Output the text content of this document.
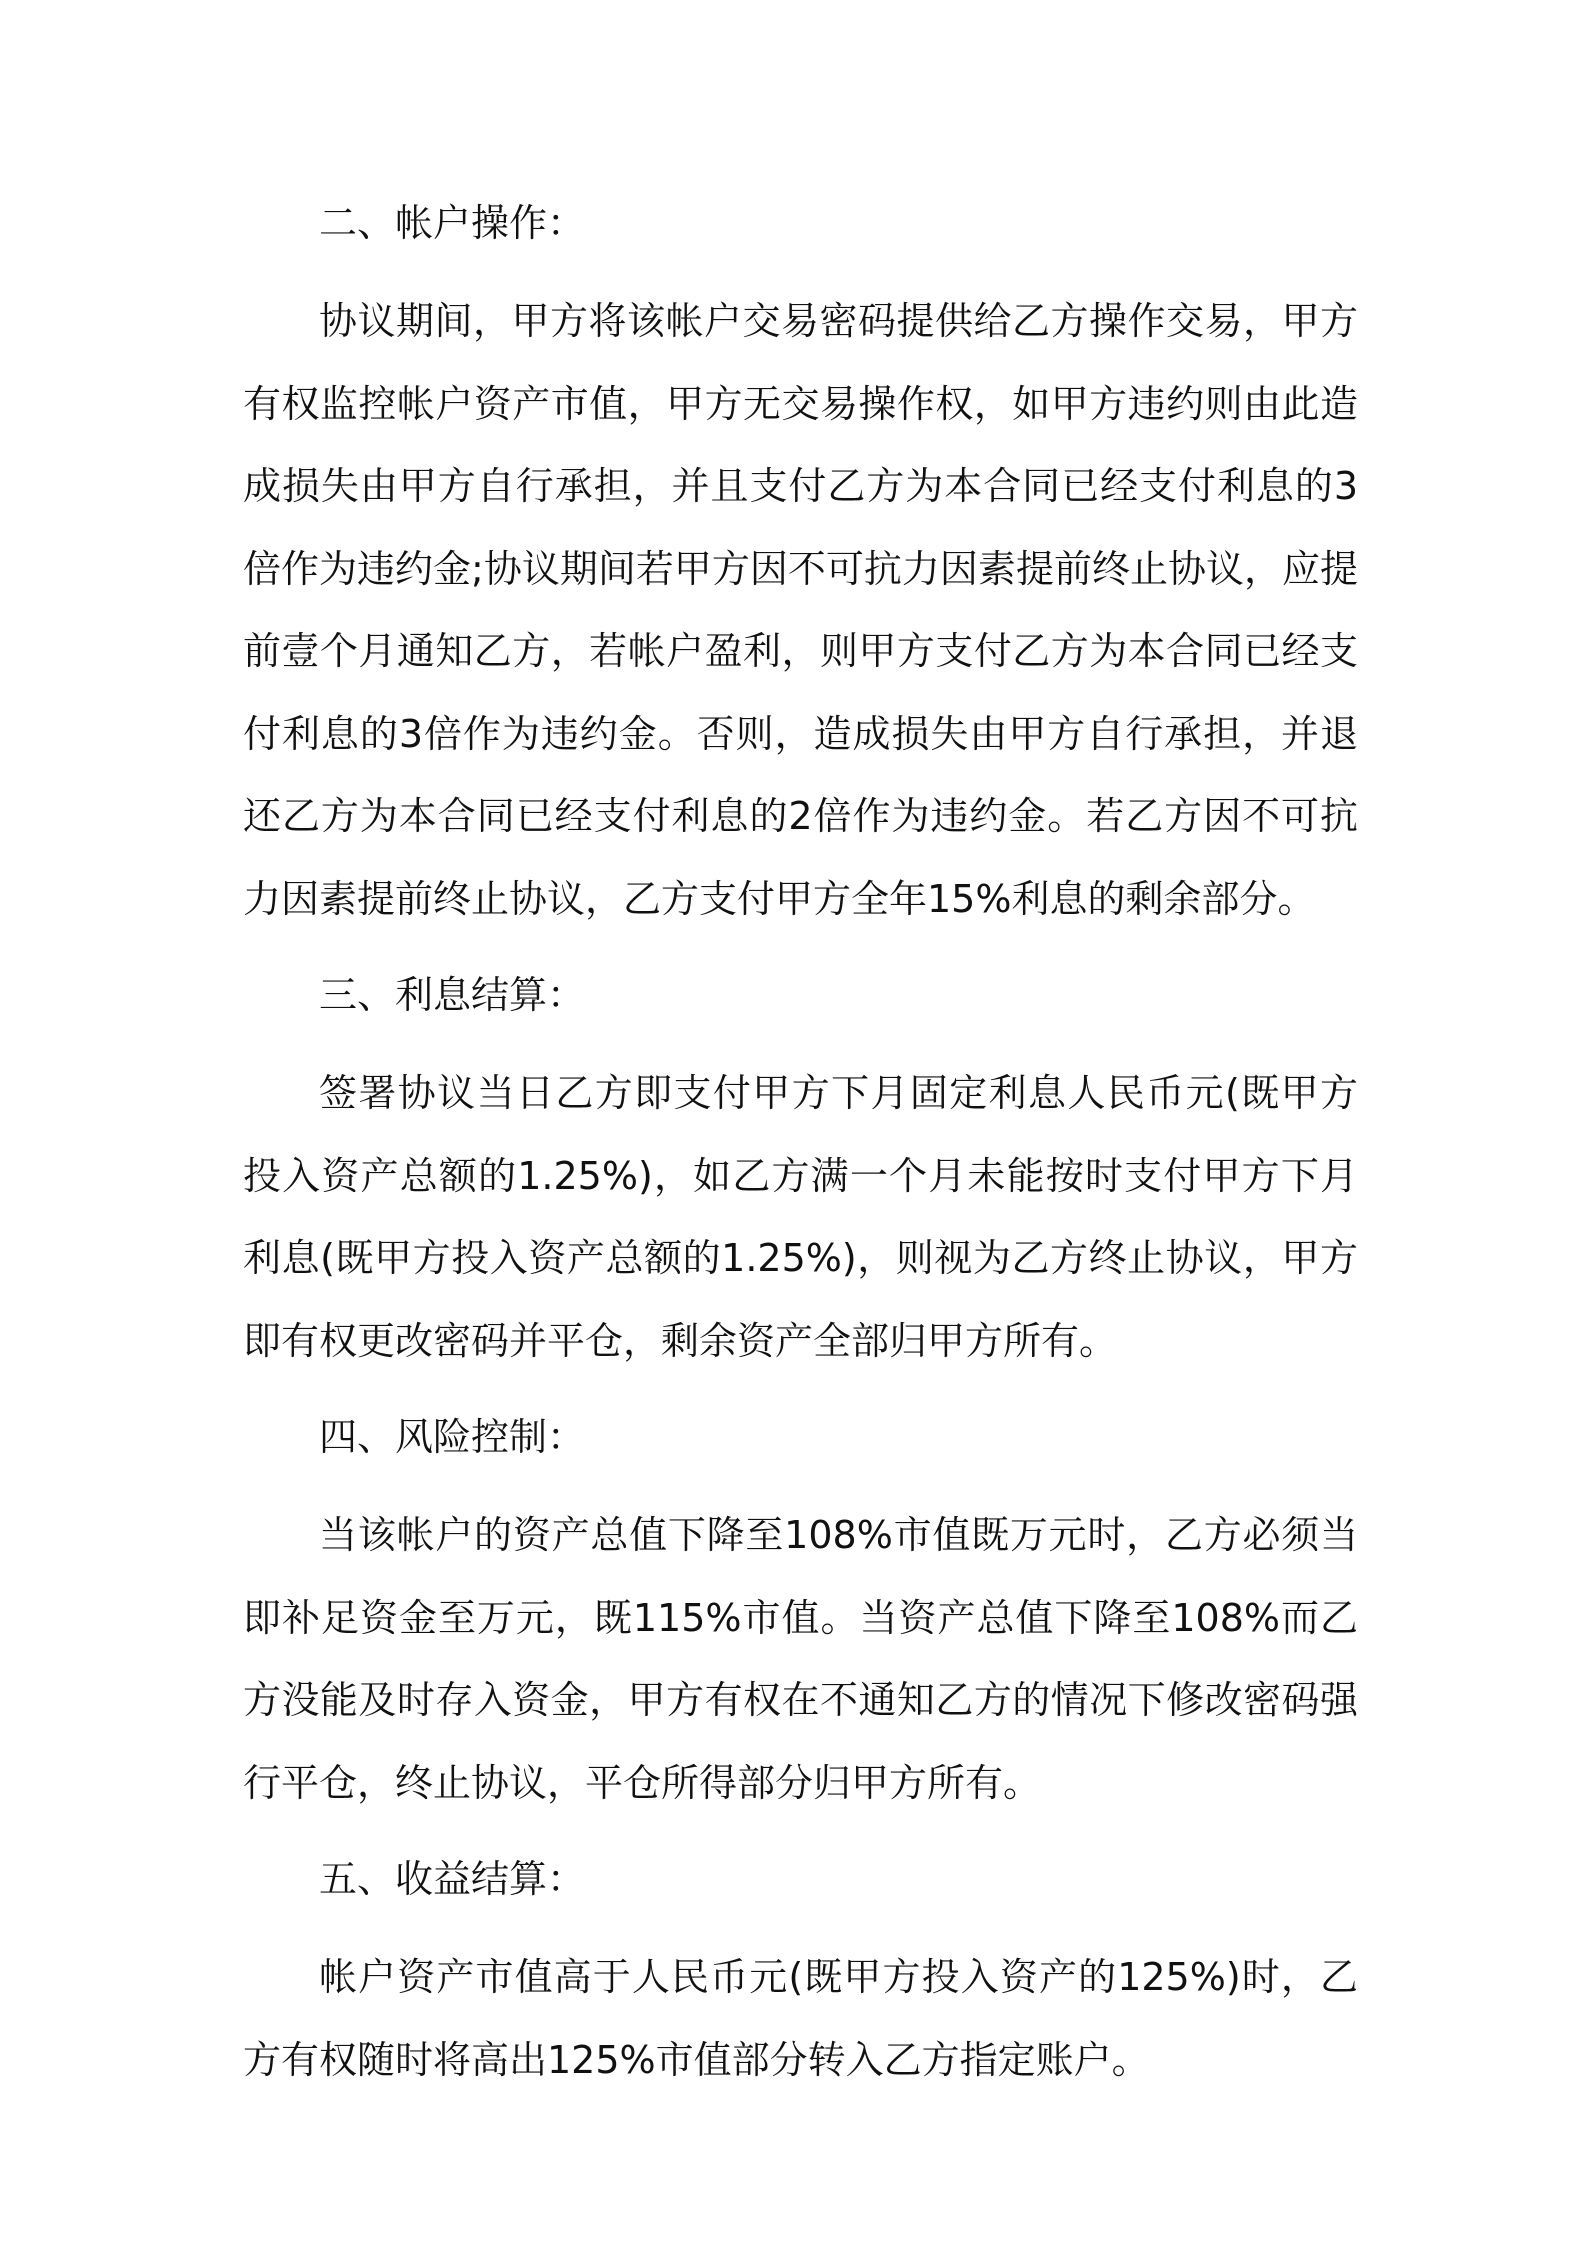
二、帐户操作：
协议期间，甲方将该帐户交易密码提供给乙方操作交易，甲方有权监控帐户资产市值，甲方无交易操作权，如甲方违约则由此造成损失由甲方自行承担，并且支付乙方为本合同已经支付利息的3倍作为违约金;协议期间若甲方因不可抗力因素提前终止协议，应提前壹个月通知乙方，若帐户盈利，则甲方支付乙方为本合同已经支付利息的3倍作为违约金。否则，造成损失由甲方自行承担，并退还乙方为本合同已经支付利息的2倍作为违约金。若乙方因不可抗力因素提前终止协议，乙方支付甲方全年15%利息的剩余部分。
三、利息结算：
签署协议当日乙方即支付甲方下月固定利息人民币元(既甲方投入资产总额的1.25%)，如乙方满一个月未能按时支付甲方下月利息(既甲方投入资产总额的1.25%)，则视为乙方终止协议，甲方即有权更改密码并平仓，剩余资产全部归甲方所有。
四、风险控制：
当该帐户的资产总值下降至108%市值既万元时，乙方必须当即补足资金至万元，既115%市值。当资产总值下降至108%而乙方没能及时存入资金，甲方有权在不通知乙方的情况下修改密码强行平仓，终止协议，平仓所得部分归甲方所有。
五、收益结算：
帐户资产市值高于人民币元(既甲方投入资产的125%)时，乙方有权随时将高出125%市值部分转入乙方指定账户。
